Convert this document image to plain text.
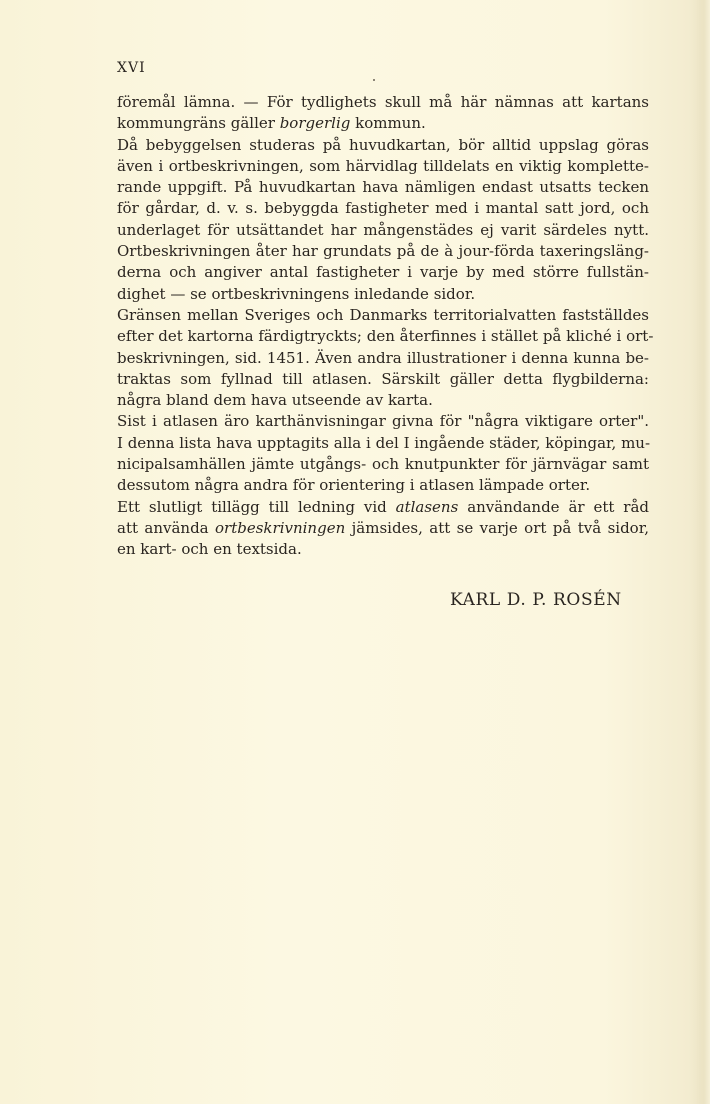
XVI

föremål lämna. — För tydlighets skull må här nämnas att kartans
kommungräns gäller borgerlig kommun.
Då bebyggelsen studeras på huvudkartan, bör alltid uppslag göras
även i ortbeskrivningen, som härvidlag tilldelats en viktig komplette-
rande uppgift. På huvudkartan hava nämligen endast utsatts tecken
för gårdar, d. v. s. bebyggda fastigheter med i mantal satt jord, och
underlaget för utsättandet har mångenstädes ej varit särdeles nytt.
Ortbeskrivningen åter har grundats på de à jour-förda taxeringsläng-
derna och angiver antal fastigheter i varje by med större fullstän-
dighet — se ortbeskrivningens inledande sidor.
Gränsen mellan Sveriges och Danmarks territorialvatten fastställdes
efter det kartorna färdigtryckts; den återfinnes i stället på kliché i ort-
beskrivningen, sid. 1451. Även andra illustrationer i denna kunna be-
traktas som fyllnad till atlasen. Särskilt gäller detta flygbilderna:
några bland dem hava utseende av karta.
Sist i atlasen äro karthänvisningar givna för "några viktigare orter".
I denna lista hava upptagits alla i del I ingående städer, köpingar, mu-
nicipalsamhällen jämte utgångs- och knutpunkter för järnvägar samt
dessutom några andra för orientering i atlasen lämpade orter.
Ett slutligt tillägg till ledning vid atlasens användande är ett råd
att använda ortbeskrivningen jämsides, att se varje ort på två sidor,
en kart- och en textsida.

KARL D. P. ROSÉN
